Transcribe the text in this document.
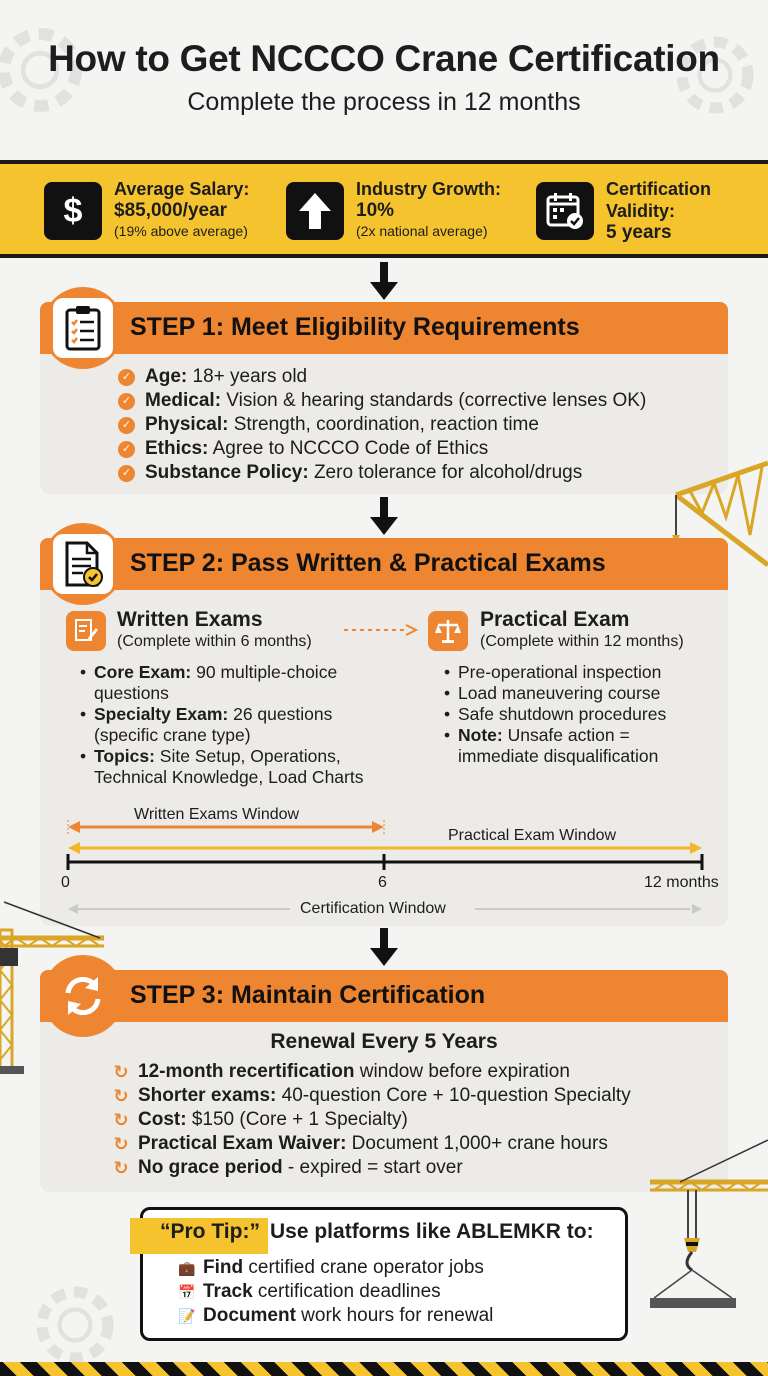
How to Get NCCCO Crane Certification
Complete the process in 12 months
$
Average Salary:
$85,000/year
(19% above average)
Industry Growth:
10%
(2x national average)
Certification
Validity:
5 years
STEP 1: Meet Eligibility Requirements
✓ Age: 18+ years old
✓ Medical: Vision & hearing standards (corrective lenses OK)
✓ Physical: Strength, coordination, reaction time
✓ Ethics: Agree to NCCCO Code of Ethics
✓ Substance Policy: Zero tolerance for alcohol/drugs
STEP 2: Pass Written & Practical Exams
Written Exams
(Complete within 6 months)
Practical Exam
(Complete within 12 months)
• Core Exam: 90 multiple-choice questions
• Specialty Exam: 26 questions (specific crane type)
• Topics: Site Setup, Operations, Technical Knowledge, Load Charts
• Pre-operational inspection
• Load maneuvering course
• Safe shutdown procedures
• Note: Unsafe action = immediate disqualification
Written Exams Window
Practical Exam Window
0	6	12 months
Certification Window
STEP 3: Maintain Certification
Renewal Every 5 Years
↻ 12-month recertification window before expiration
↻ Shorter exams: 40-question Core + 10-question Specialty
↻ Cost: $150 (Core + 1 Specialty)
↻ Practical Exam Waiver: Document 1,000+ crane hours
↻ No grace period - expired = start over
“Pro Tip:” Use platforms like ABLEMKR to:
💼 Find certified crane operator jobs
📅 Track certification deadlines
📝 Document work hours for renewal
